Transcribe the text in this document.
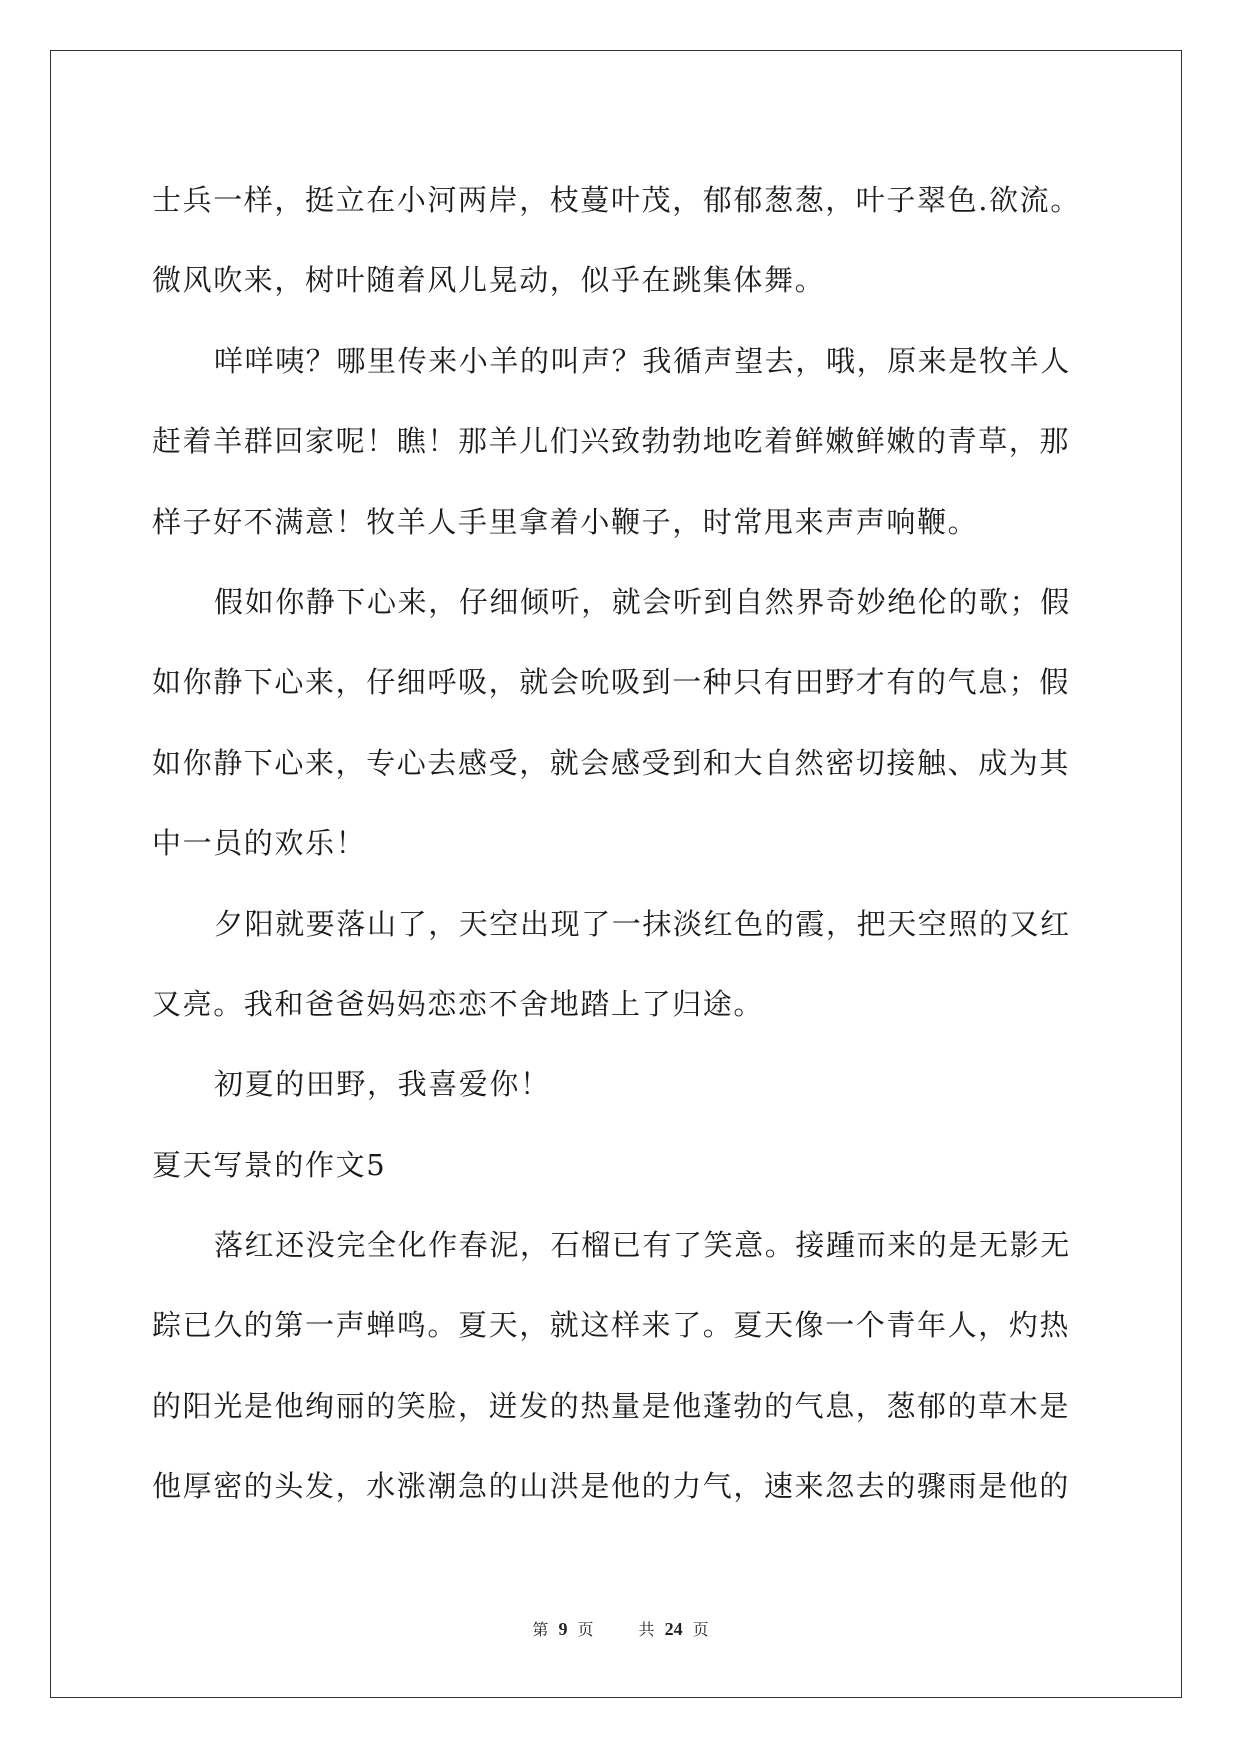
士兵一样，挺立在小河两岸，枝蔓叶茂，郁郁葱葱，叶子翠色.欲流。
微风吹来，树叶随着风儿晃动，似乎在跳集体舞。
咩咩咦？哪里传来小羊的叫声？我循声望去，哦，原来是牧羊人
赶着羊群回家呢！瞧！那羊儿们兴致勃勃地吃着鲜嫩鲜嫩的青草，那
样子好不满意！牧羊人手里拿着小鞭子，时常甩来声声响鞭。
假如你静下心来，仔细倾听，就会听到自然界奇妙绝伦的歌；假
如你静下心来，仔细呼吸，就会吮吸到一种只有田野才有的气息；假
如你静下心来，专心去感受，就会感受到和大自然密切接触、成为其
中一员的欢乐！
夕阳就要落山了，天空出现了一抹淡红色的霞，把天空照的又红
又亮。我和爸爸妈妈恋恋不舍地踏上了归途。
初夏的田野，我喜爱你！
夏天写景的作文5
落红还没完全化作春泥，石榴已有了笑意。接踵而来的是无影无
踪已久的第一声蝉鸣。夏天，就这样来了。夏天像一个青年人，灼热
的阳光是他绚丽的笑脸，迸发的热量是他蓬勃的气息，葱郁的草木是
他厚密的头发，水涨潮急的山洪是他的力气，速来忽去的骤雨是他的
第 9 页	共 24 页
